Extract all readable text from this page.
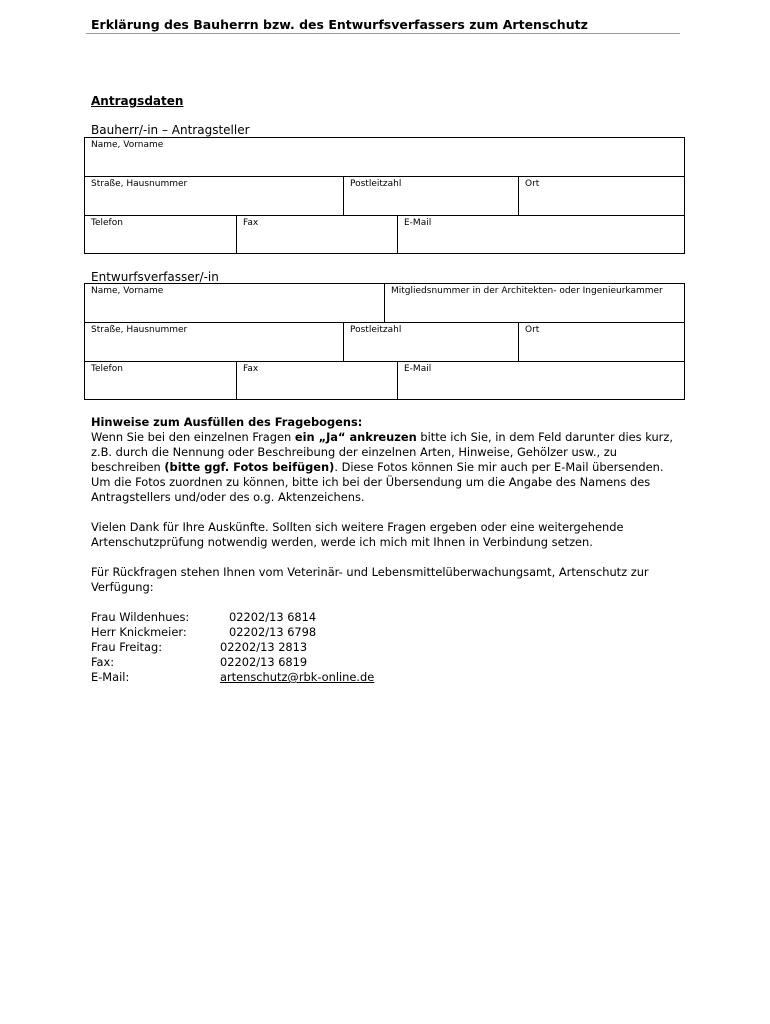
Erklärung des Bauherrn bzw. des Entwurfsverfassers zum Artenschutz
Antragsdaten
Bauherr/-in – Antragsteller
Name, Vorname
Straße, Hausnummer	Postleitzahl	Ort
Telefon	Fax	E-Mail
Entwurfsverfasser/-in
Name, Vorname	Mitgliedsnummer in der Architekten- oder Ingenieurkammer
Straße, Hausnummer	Postleitzahl	Ort
Telefon	Fax	E-Mail

Hinweise zum Ausfüllen des Fragebogens:

Wenn Sie bei den einzelnen Fragen ein „Ja“ ankreuzen bitte ich Sie, in dem Feld darunter dies kurz,

z.B. durch die Nennung oder Beschreibung der einzelnen Arten, Hinweise, Gehölzer usw., zu

beschreiben (bitte ggf. Fotos beifügen). Diese Fotos können Sie mir auch per E-Mail übersenden.

Um die Fotos zuordnen zu können, bitte ich bei der Übersendung um die Angabe des Namens des

Antragstellers und/oder des o.g. Aktenzeichens.

Vielen Dank für Ihre Auskünfte. Sollten sich weitere Fragen ergeben oder eine weitergehende

Artenschutzprüfung notwendig werden, werde ich mich mit Ihnen in Verbindung setzen.

Für Rückfragen stehen Ihnen vom Veterinär- und Lebensmittelüberwachungsamt, Artenschutz zur

Verfügung:

Frau Wildenhues:	02202/13 6814
Herr Knickmeier:	02202/13 6798
Frau Freitag:	02202/13 2813
Fax:	02202/13 6819
E-Mail:	artenschutz@rbk-online.de
